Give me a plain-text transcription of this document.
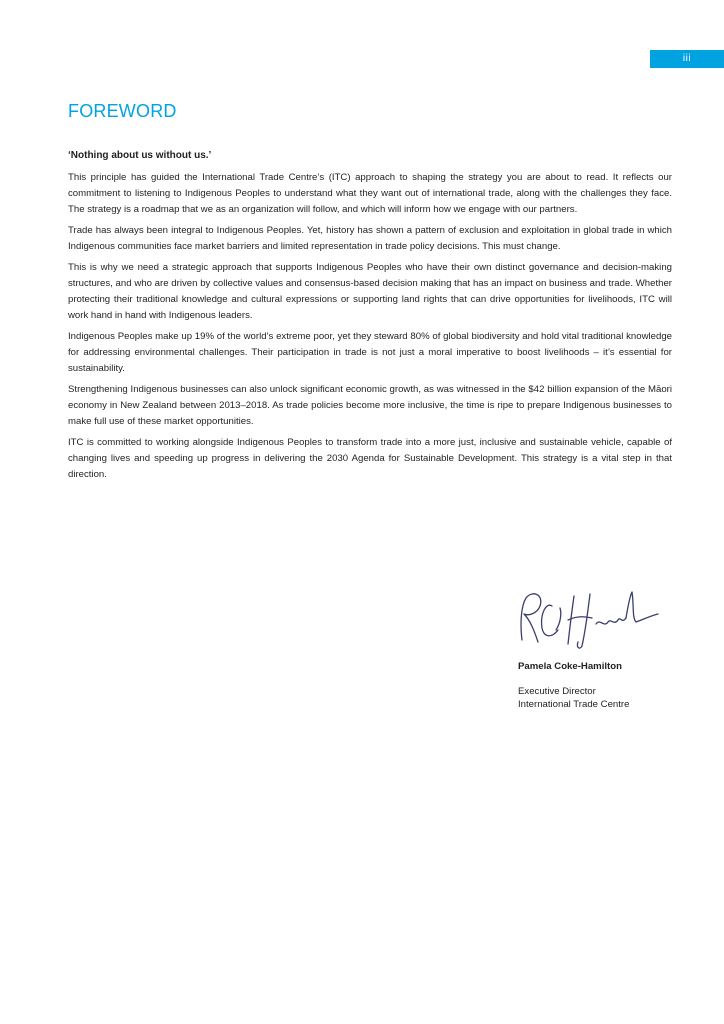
iii
FOREWORD

‘Nothing about us without us.’

This principle has guided the International Trade Centre’s (ITC) approach to shaping the strategy you are about to read. It reflects our commitment to listening to Indigenous Peoples to understand what they want out of international trade, along with the challenges they face. The strategy is a roadmap that we as an organization will follow, and which will inform how we engage with our partners.

Trade has always been integral to Indigenous Peoples. Yet, history has shown a pattern of exclusion and exploitation in global trade in which Indigenous communities face market barriers and limited representation in trade policy decisions. This must change.

This is why we need a strategic approach that supports Indigenous Peoples who have their own distinct governance and decision-making structures, and who are driven by collective values and consensus-based decision making that has an impact on business and trade. Whether protecting their traditional knowledge and cultural expressions or supporting land rights that can drive opportunities for livelihoods, ITC will work hand in hand with Indigenous leaders.

Indigenous Peoples make up 19% of the world’s extreme poor, yet they steward 80% of global biodiversity and hold vital traditional knowledge for addressing environmental challenges. Their participation in trade is not just a moral imperative to boost livelihoods – it’s essential for sustainability.

Strengthening Indigenous businesses can also unlock significant economic growth, as was witnessed in the $42 billion expansion of the Māori economy in New Zealand between 2013–2018. As trade policies become more inclusive, the time is ripe to prepare Indigenous businesses to make full use of these market opportunities.

ITC is committed to working alongside Indigenous Peoples to transform trade into a more just, inclusive and sustainable vehicle, capable of changing lives and speeding up progress in delivering the 2030 Agenda for Sustainable Development. This strategy is a vital step in that direction.

Pamela Coke-Hamilton

Executive Director

International Trade Centre
